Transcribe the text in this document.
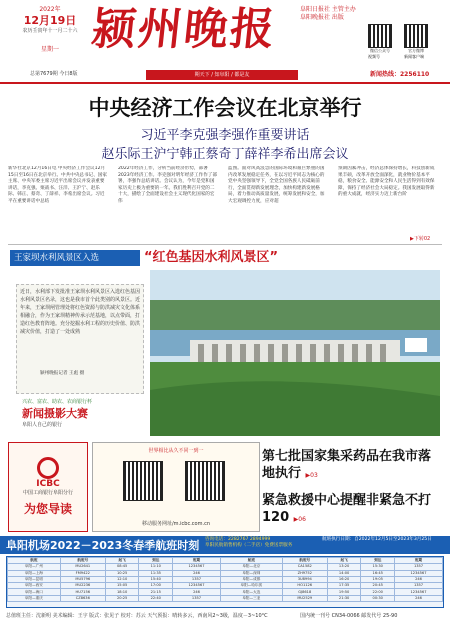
2022年
12月19日
农历壬寅年十一月二十六
星期一 颍州晚报	阜阳日报社 主管主办
阜阳晚报社 出版
微信公众号	官方微博
视频号	新闻客户端
总第7679期 今日8版	期天下 / 知阜阳 / 都是友	新闻热线：2256110
中央经济工作会议在北京举行
习近平李克强李强作重要讲话
赵乐际王沪宁韩正蔡奇丁薛祥李希出席会议
新华社北京12月16日电 中央经济工作会议12月15日至16日在北京举行。中共中央总书记、国家主席、中央军委主席习近平出席会议并发表重要讲话，李克强、栗战书、汪洋、王沪宁、赵乐际、韩正、蔡奇、丁薛祥、李希出席会议。习近平在重要讲话中总结
2022年经济工作，分析当前经济形势，部署2023年经济工作。李克强对明年经济工作作了部署，李强作总结讲话。会议认为，今年是党和国家历史上极为重要的一年。我们胜利召开党的二十大，描绘了全面建设社会主义现代化国家的宏伟
蓝图。面对风高浪急的国际环境和艰巨繁重的国内改革发展稳定任务，在以习近平同志为核心的党中央坚强领导下，全党全国各族人民砥砺前行，全面贯彻新发展理念，加快构建新发展格局，着力推动高质量发展，统筹发展和安全，加大宏观调控力度，应对超
预期因素冲击，经济总体保持增长，科技创新成果丰硕，改革开放全面深化，就业物价基本平稳，粮食安全、能源安全和人民生活得到有效保障，保持了经济社会大局稳定。我国发展取得新的重大成就，经济实力迈上新台阶
▶下转02
王家坝水利风景区入选	“红色基因水利风景区”
近日，水利部下发批准王家坝水利风景区入选红色基因水利风景区名录，这也是我市首个此类别的风景区。近年来，王家坝闸管理处将红色资源与防洪减灾文化体系相融合，作为王家坝精神传承示范基地，以点带面，打造红色教育阵地。充分挖掘水利工程的历史价值、防洪减灾价值，打造了一处成熟
颍州晚报记者 王彪 摄
兴农、富农、助农、农商银行杯
新闻摄影大赛
阜阳人自己的银行
ICBC
中国工商银行阜阳分行
为您导读
世界相比从久不同一到一
移动服务网址/m.icbc.com.cn
第七批国家集采药品在我市落地执行 ▶03
紧急救援中心提醒非紧急不打120 ▶06
阜阳机场2022－2023冬春季航班时刻 咨询电话：2282767 2894999
阜阳民航销售机构（二手店）免费送票服务
航班执行日期：自2022年12月5日至2023年3月25日
航班	航班号	起飞	到达	班期	航班	航班号	起飞	到达	班期
阜阳—广州	MU2641	08:45	11:10	1234567	阜阳—北京	CA1582	13:20	15:30	1357
阜阳—上海	FM9422	10:25	11:35	246	阜阳—深圳	ZH9752	14:00	16:45	1234567
阜阳—昆明	MU5796	12:10	15:40	1357	阜阳—成都	3U8994	16:20	19:05	246
阜阳—西安	MU2236	15:05	17:00	1234567	阜阳—哈尔滨	HO1126	17:35	20:45	1357
阜阳—海口	HU7156	18:10	21:15	246	阜阳—大连	GJ8618	19:50	22:00	1234567
阜阳—重庆	CZ8636	20:25	22:40	1357	阜阳—三亚	MU2529	21:30	00:30	246
总值班主任：沈新明 美术编辑：王宇 版式：张见子 校对：苏云 天气预报：晴转多云，西南风2~3级，温度－3~10°C	国内统一刊号 CN34-0066 邮发代号 25-90
